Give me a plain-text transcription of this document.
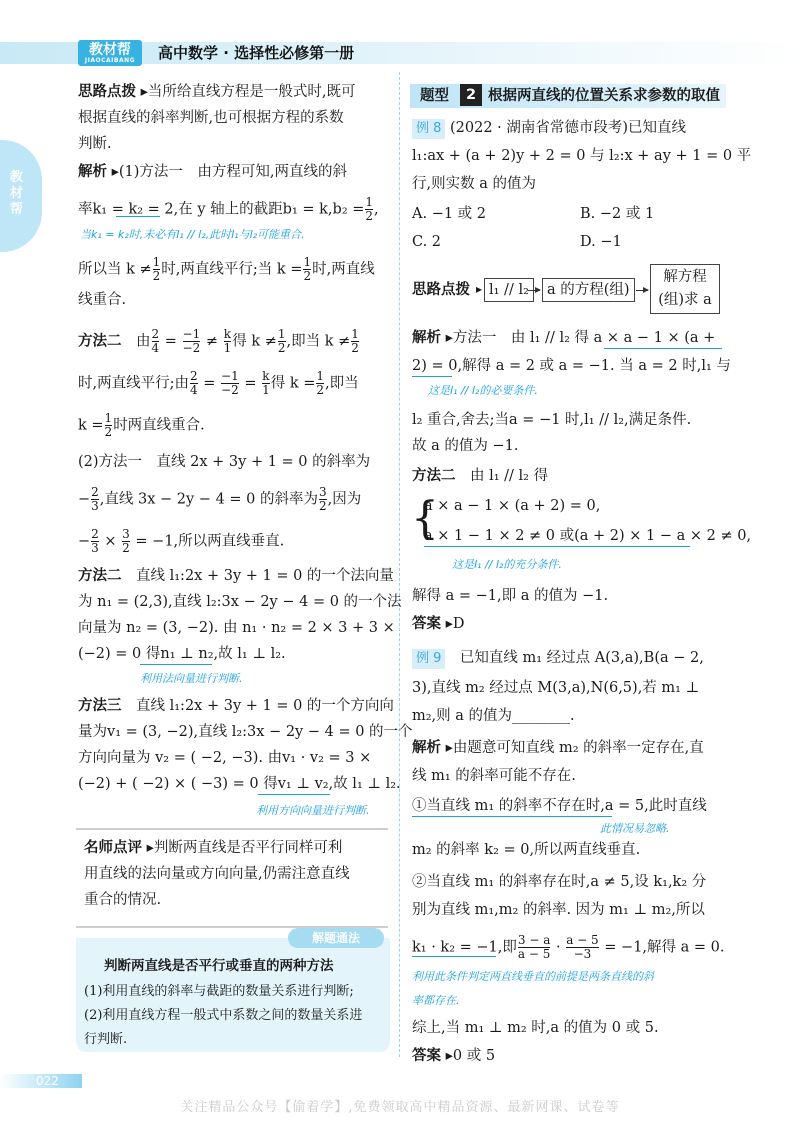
教材帮
JIAOCAIBANG	高中数学 · 选择性必修第一册
教材帮
思路点拨 ▸当所给直线方程是一般式时,既可
根据直线的斜率判断,也可根据方程的系数
判断.
解析 ▸(1)方法一　由方程可知,两直线的斜
率k₁ = k₂ = 2,在 y 轴上的截距$b_1 = k,b_2 = \frac{1}{2}$ ,
当k₁ = k₂时,未必有l₁ // l₂,此时l₁与l₂可能重合.
所以当 $k \ne \frac{1}{2}$ 时,两直线平行;当 $k = \frac{1}{2}$ 时,两直线
线重合.
方法二　 由 $\frac{2}{4} = \frac{-1}{-2} \ne \frac{k}{1}$ 得 $k \ne \frac{1}{2}$ ,即当 $k \ne \frac{1}{2}$
时,两直线平行;由 $\frac{2}{4} = \frac{-1}{-2} = \frac{k}{1}$ 得 $k = \frac{1}{2}$ ,即当
$k = \frac{1}{2}$ 时两直线重合.
(2)方法一　直线 2x + 3y + 1 = 0 的斜率为
− $\frac{2}{3}$ ,直线 3x − 2y − 4 = 0 的斜率为 $\frac{3}{2}$ ,因为
− $\frac{2}{3} \times \frac{3}{2} = -1$,所以两直线垂直.
方法二　 直线 l₁:2x + 3y + 1 = 0 的一个法向量
为 n₁ = (2,3),直线 l₂:3x − 2y − 4 = 0 的一个法
向量为 n₂ = (3, −2). 由 n₁ · n₂ = 2 × 3 + 3 ×
(−2) = 0 得n₁ ⊥ n₂,故 l₁ ⊥ l₂.
利用法向量进行判断.
方法三　 直线 l₁:2x + 3y + 1 = 0 的一个方向向
量为v₁ = (3, −2),直线 l₂:3x − 2y − 4 = 0 的一个
方向向量为 v₂ = ( −2, −3). 由v₁ · v₂ = 3 ×
(−2) + ( −2) × ( −3) = 0 得v₁ ⊥ v₂,故 l₁ ⊥ l₂.
利用方向向量进行判断.
名师点评 ▸判断两直线是否平行同样可利
用直线的法向量或方向向量,仍需注意直线
重合的情况.
解题通法
判断两直线是否平行或垂直的两种方法
(1)利用直线的斜率与截距的数量关系进行判断;
(2)利用直线方程一般式中系数之间的数量关系进
行判断.
题型	2 根据两直线的位置关系求参数的取值
例 8 (2022 · 湖南省常德市段考)已知直线
l₁:ax + (a + 2)y + 2 = 0 与 l₂:x + ay + 1 = 0 平
行,则实数 a 的值为
A. −1 或 2	B. −2 或 1
C. 2	D. −1
思路点拨 ▸ l₁ // l₂	a 的方程(组)
解方程
(组)求 a
解析 ▸方法一　由 l₁ // l₂ 得 a × a − 1 × (a +
2) = 0,解得 a = 2 或 a = −1. 当 a = 2 时,l₁ 与
这是l₁ // l₂的必要条件.
l₂ 重合,舍去;当a = −1 时,l₁ // l₂,满足条件.
故 a 的值为 −1.
方法二　 由 l₁ // l₂ 得
{
a × a − 1 × (a + 2) = 0,
a × 1 − 1 × 2 ≠ 0 或(a + 2) × 1 − a × 2 ≠ 0,
这是l₁ // l₂的充分条件.
解得 a = −1,即 a 的值为 −1.
答案 ▸D
例 9　 已知直线 m₁ 经过点 A(3,a),B(a − 2,
3),直线 m₂ 经过点 M(3,a),N(6,5),若 m₁ ⊥
m₂,则 a 的值为________.
解析 ▸由题意可知直线 m₂ 的斜率一定存在,直
线 m₁ 的斜率可能不存在.
①当直线 m₁ 的斜率不存在时,a = 5,此时直线
此情况易忽略.
m₂ 的斜率 k₂ = 0,所以两直线垂直.
②当直线 m₁ 的斜率存在时,a ≠ 5,设 k₁,k₂ 分
别为直线 m₁,m₂ 的斜率. 因为 m₁ ⊥ m₂,所以
k₁ · k₂ = −1,即 $\frac{3 - a}{a - 5} \cdot \frac{a - 5}{-3} = -1$,解得 a = 0.
利用此条件判定两直线垂直的前提是两条直线的斜
率都存在.
综上,当 m₁ ⊥ m₂ 时,a 的值为 0 或 5.
答案 ▸0 或 5
022
关注精品公众号【偷着学】,免费领取高中精品资源、最新网课、试卷等
